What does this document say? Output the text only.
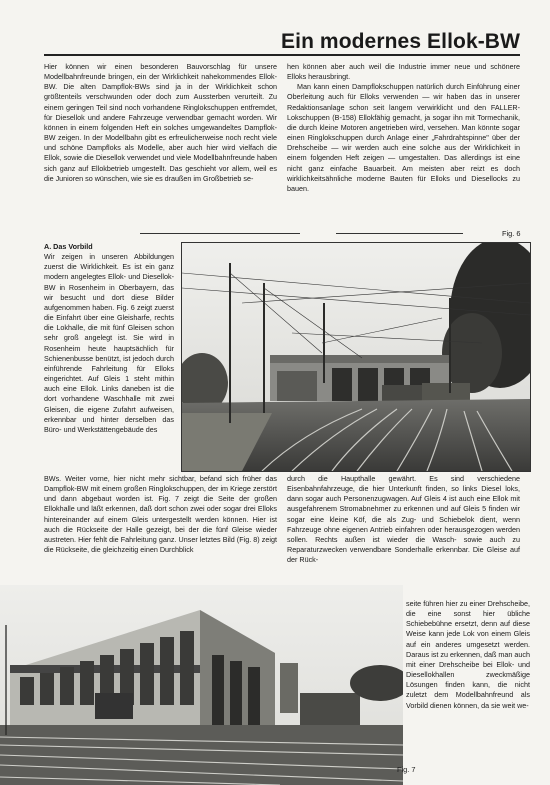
Ein modernes Ellok-BW

Hier können wir einen besonderen Bauvorschlag für unsere Modellbahnfreunde bringen, ein der Wirklichkeit nahekommendes Ellok-BW. Die alten Dampflok-BWs sind ja in der Wirklichkeit schon größtenteils verschwunden oder doch zum Aussterben verurteilt. Zu einem geringen Teil sind noch vorhandene Ringlokschuppen entfremdet, für Diesellok und andere Fahrzeuge verwendbar gemacht worden. Wir können in einem folgenden Heft ein solches umgewandeltes Dampflok-BW zeigen. In der Modellbahn gibt es erfreulicherweise noch recht viele und schöne Dampfloks als Modelle, aber auch hier wird vielfach die Ellok, sowie die Diesellok verwendet und viele Modellbahnfreunde haben sich ganz auf Ellokbetrieb umgestellt. Das geschieht vor allem, weil es die Junioren so wünschen, wie sie es draußen im Großbetrieb se-

hen können aber auch weil die Industrie immer neue und schönere Elloks herausbringt.

Man kann einen Dampflokschuppen natürlich durch Einführung einer Oberleitung auch für Elloks verwenden — wir haben das in unserer Redaktionsanlage schon seit langem verwirklicht und den FALLER-Lokschuppen (B-158) Ellokfähig gemacht, ja sogar ihn mit Tormechanik, die durch kleine Motoren angetrieben wird, versehen. Man könnte sogar einen Ringlokschuppen durch Anlage einer „Fahrdrahtspinne" über der Drehscheibe — wir werden auch eine solche aus der Wirklichkeit in einem folgenden Heft zeigen — umgestalten. Das allerdings ist eine nicht ganz einfache Bauarbeit. Am meisten aber reizt es doch wirklichkeitsähnliche moderne Bauten für Elloks und Diesellocks zu bauen.

Fig. 6

A. Das Vorbild

Wir zeigen in unseren Abbildungen zuerst die Wirklichkeit. Es ist ein ganz modern angelegtes Ellok- und Diesellok-BW in Rosenheim in Oberbayern, das wir besucht und dort diese Bilder aufgenommen haben. Fig. 6 zeigt zuerst die Einfahrt über eine Gleisharfe, rechts die Lokhalle, die mit fünf Gleisen schon sehr groß angelegt ist. Sie wird in Rosenheim heute hauptsächlich für Schienenbusse benützt, ist jedoch durch einführende Fahrleitung für Elloks eingerichtet. Auf Gleis 1 steht mithin auch eine Ellok. Links daneben ist die dort vorhandene Waschhalle mit zwei Gleisen, die eigene Zufahrt aufweisen, erkennbar und hinter derselben das Büro- und Werkstättengebäude des

BWs. Weiter vorne, hier nicht mehr sichtbar, befand sich früher das Dampflok-BW mit einem großen Ringlokschuppen, der im Kriege zerstört und dann abgebaut worden ist. Fig. 7 zeigt die Seite der großen Ellokhalle und läßt erkennen, daß dort schon zwei oder sogar drei Elloks hintereinander auf einem Gleis untergestellt werden können. Hier ist auch die Rückseite der Halle gezeigt, bei der die fünf Gleise wieder austreten. Hier fehlt die Fahrleitung ganz. Unser letztes Bild (Fig. 8) zeigt die Rückseite, die gleichzeitig einen Durchblick

durch die Haupthalle gewährt. Es sind verschiedene Eisenbahnfahrzeuge, die hier Unterkunft finden, so links Diesel loks, dann sogar auch Personenzugwagen. Auf Gleis 4 ist auch eine Ellok mit ausgefahrenem Stromabnehmer zu erkennen und auf Gleis 5 finden wir sogar eine kleine Köf, die als Zug- und Schiebelok dient, wenn Fahrzeuge ohne eigenen Antrieb einfahren oder herausgezogen werden sollen. Rechts außen ist wieder die Wasch- sowie auch zu Reparaturzwecken verwendbare Sonderhalle erkennbar. Die Gleise auf der Rück-

seite führen hier zu einer Drehscheibe, die eine sonst hier übliche Schiebebühne ersetzt, denn auf diese Weise kann jede Lok von einem Gleis auf ein anderes umgesetzt werden. Daraus ist zu erkennen, daß man auch mit einer Drehscheibe bei Ellok- und Diesellokhallen zweckmäßige Lösungen finden kann, die nicht zuletzt dem Modellbahnfreund als Vorbild dienen können, da sie weit we-

Fig. 7
